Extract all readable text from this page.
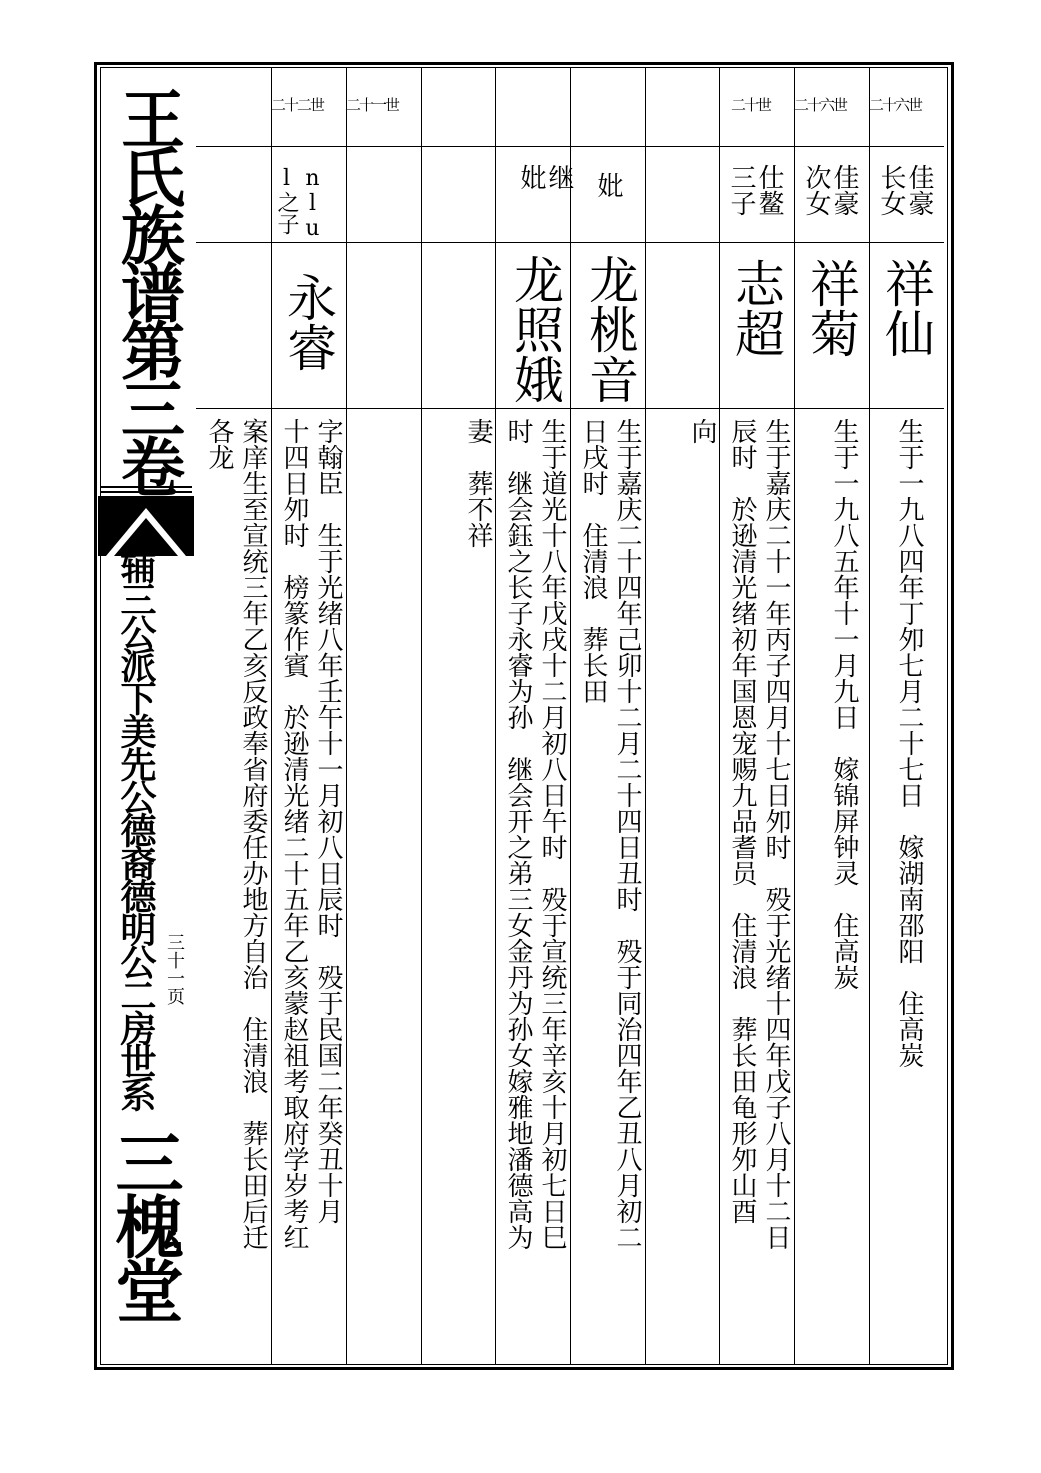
王氏族谱第三卷
辅三公派下美先公德裔德明公二房世系 三十一页
三槐堂
二十六世
佳豪
长女
祥仙
生于一九八四年丁夘七月二十七日　嫁湖南邵阳　住高炭
二十六世
佳豪
次女
祥菊
生于一九八五年十一月九日　嫁锦屏钟灵　住高炭
二十世
仕鳌
三子
志超
生于嘉庆二十一年丙子四月十七日夘时　殁于光绪十四年戊子八月十二日
辰时　於逊清光绪初年国恩宠赐九品耆员　住清浪　葬长田龟形夘山酉
向
妣
龙桃音
生于嘉庆二十四年己卯十二月二十四日丑时　殁于同治四年乙丑八月初二
日戌时　住清浪　葬长田
继
妣
龙照娥
生于道光十八年戊戌十二月初八日午时　殁于宣统三年辛亥十月初七日巳
时　继会鈺之长子永睿为孙　继会开之弟三女金丹为孙女嫁雅地潘德高为
妻　葬不祥
二十一世
二十二世
nlu
l之子
永睿
字翰臣　生于光绪八年壬午十一月初八日辰时　殁于民国二年癸丑十月
十四日夘时　榜篆作賓　於逊清光绪二十五年乙亥蒙赵祖考取府学岁考红
案庠生至宣统三年乙亥反政奉省府委任办地方自治　住清浪　葬长田后迁
各龙
